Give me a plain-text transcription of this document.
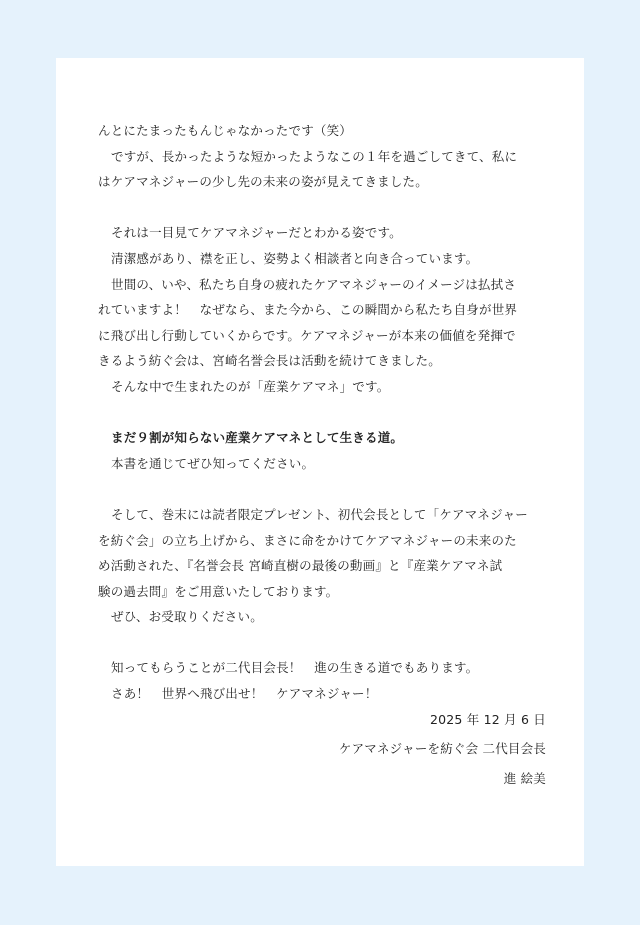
んとにたまったもんじゃなかったです（笑）
ですが、長かったような短かったようなこの１年を過ごしてきて、私に
はケアマネジャーの少し先の未来の姿が見えてきました。
それは一目見てケアマネジャーだとわかる姿です。
清潔感があり、襟を正し、姿勢よく相談者と向き合っています。
世間の、いや、私たち自身の疲れたケアマネジャーのイメージは払拭さ
れていますよ！　なぜなら、また今から、この瞬間から私たち自身が世界
に飛び出し行動していくからです。ケアマネジャーが本来の価値を発揮で
きるよう紡ぐ会は、宮崎名誉会長は活動を続けてきました。
そんな中で生まれたのが「産業ケアマネ」です。
まだ９割が知らない産業ケアマネとして生きる道。
本書を通じてぜひ知ってください。
そして、巻末には読者限定プレゼント、初代会長として「ケアマネジャー
を紡ぐ会」の立ち上げから、まさに命をかけてケアマネジャーの未来のた
め活動された、『名誉会長 宮崎直樹の最後の動画』と『産業ケアマネ試
験の過去問』をご用意いたしております。
ぜひ、お受取りください。
知ってもらうことが二代目会長！　進の生きる道でもあります。
さあ！　世界へ飛び出せ！　ケアマネジャー！
2025 年 12 月 6 日
ケアマネジャーを紡ぐ会 二代目会長
進 絵美
